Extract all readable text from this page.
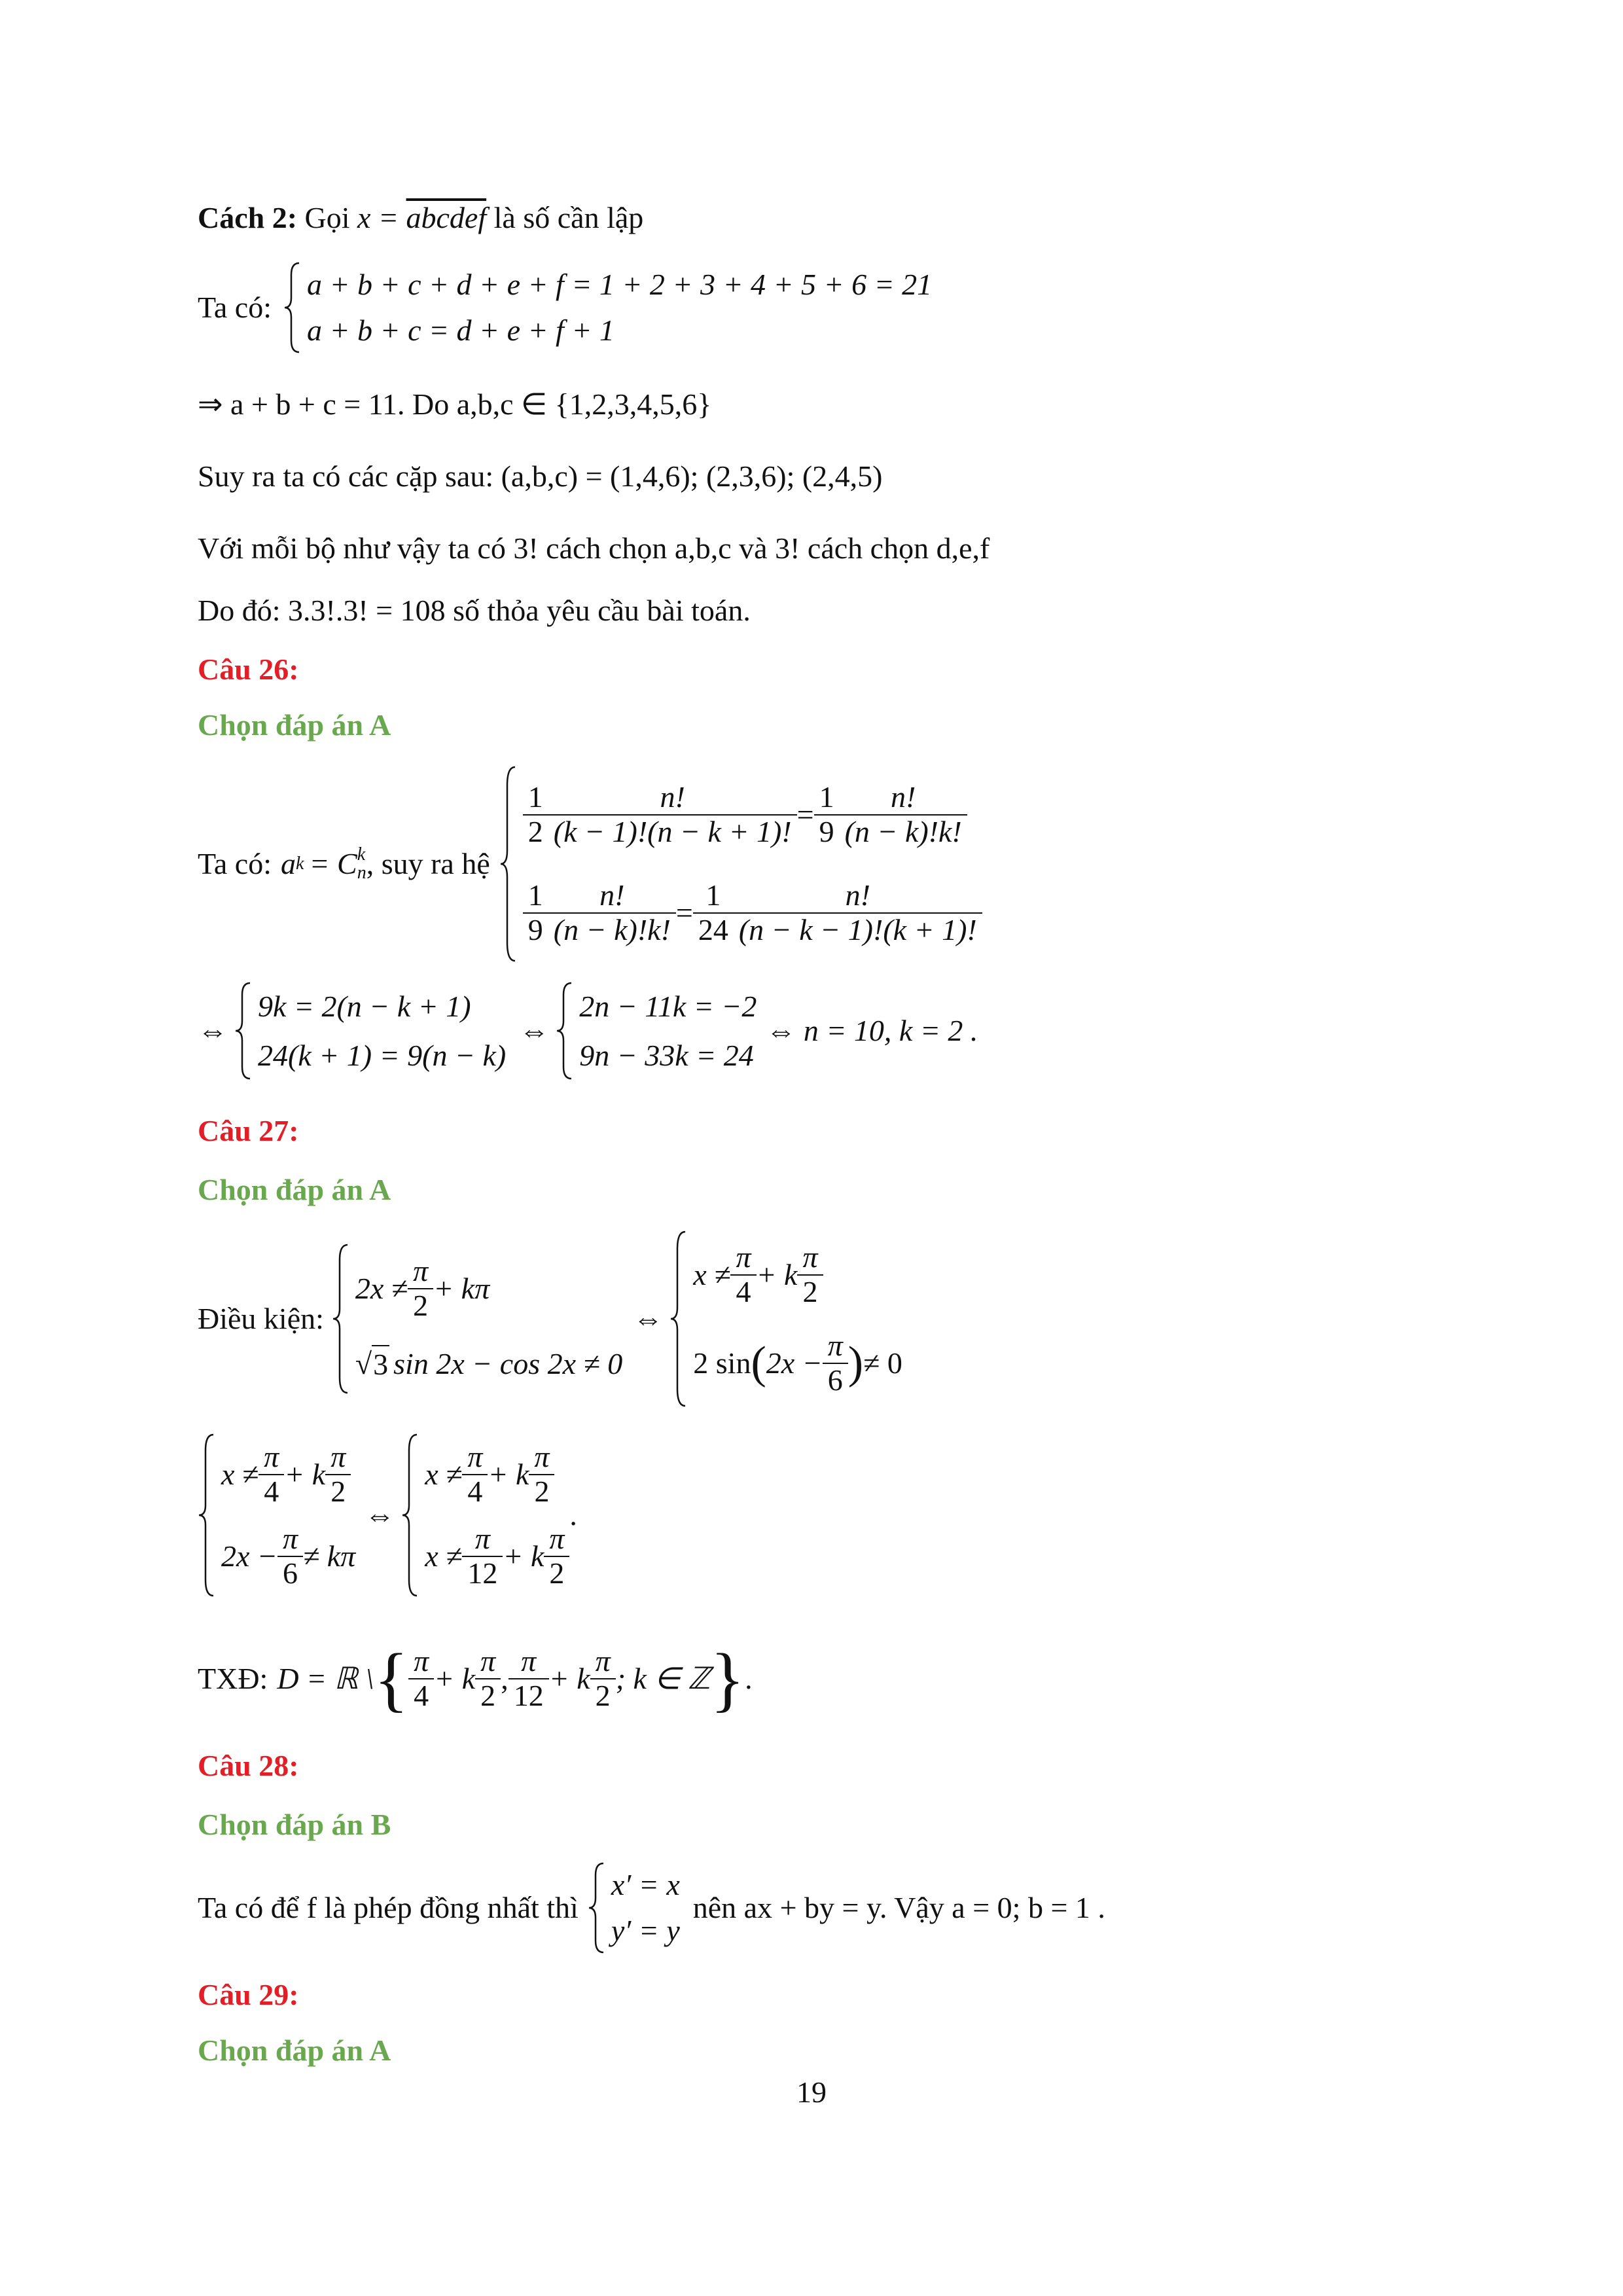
Cách 2: Gọi x = abcdef là số cần lập
Ta có:
a + b + c + d + e + f = 1 + 2 + 3 + 4 + 5 + 6 = 21
a + b + c = d + e + f + 1
⇒ a + b + c = 11. Do a,b,c ∈ {1,2,3,4,5,6}
Suy ra ta có các cặp sau: (a,b,c) = (1,4,6); (2,3,6); (2,4,5)
Với mỗi bộ như vậy ta có 3! cách chọn a,b,c và 3! cách chọn d,e,f
Do đó: 3.3!.3! = 108 số thỏa yêu cầu bài toán.
Câu 26:
Chọn đáp án A
Ta có: a k = C k
n , suy ra hệ
$\frac{1}{2} \frac{n!}{(k - 1)!(n - k + 1)!} = \frac{1}{9} \frac{n!}{(n - k)!k!}$
$\frac{1}{9} \frac{n!}{(n - k)!k!} = \frac{1}{24} \frac{n!}{(n - k - 1)!(k + 1)!}$
⇔
9k = 2(n − k + 1)
24(k + 1) = 9(n − k)
⇔
2n − 11k = −2
9n − 33k = 24
⇔ n = 10, k = 2 .
Câu 27:
Chọn đáp án A
Điều kiện:
$2x \ne \frac{\pi}{2} + k\pi$
√ 3 sin 2x − cos 2x ≠ 0
⇔
$x \ne \frac{\pi}{4} + k \frac{\pi}{2}$
2 sin ( $2x - \frac{\pi}{6}$ ) ≠ 0
$x \ne \frac{\pi}{4} + k \frac{\pi}{2}$
$2x - \frac{\pi}{6} \ne k\pi$
⇔
$x \ne \frac{\pi}{4} + k \frac{\pi}{2}$
$x \ne \frac{\pi}{12} + k \frac{\pi}{2}$
.
TXĐ: D = ℝ \ { $\frac{\pi}{4} + k \frac{\pi}{2}$ , $\frac{\pi}{12} + k \frac{\pi}{2}$ ; k ∈ ℤ } .
Câu 28:
Chọn đáp án B
Ta có để f là phép đồng nhất thì
x′ = x
y′ = y
nên ax + by = y. Vậy a = 0; b = 1 .
Câu 29:
Chọn đáp án A
19
